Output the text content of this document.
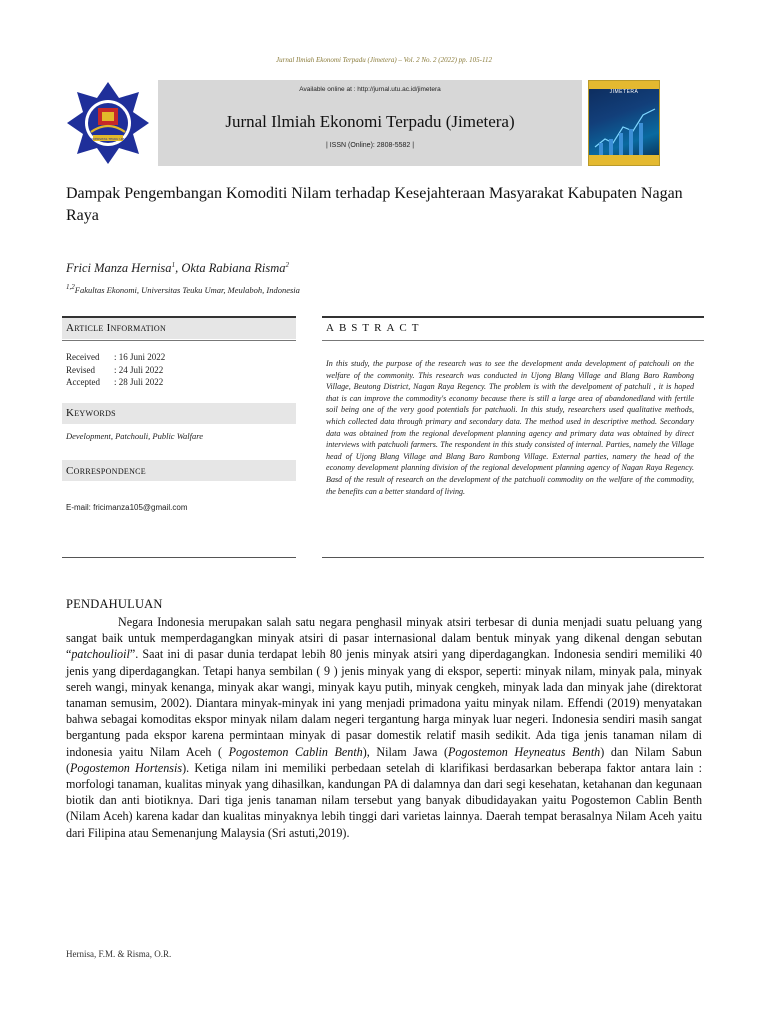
Jurnal Ilmiah Ekonomi Terpadu (Jimetera) – Vol. 2 No. 2 (2022) pp. 105-112
UNIVERSITAS TEUKU UMAR
Available online at : http://jurnal.utu.ac.id/jimetera
Jurnal Ilmiah Ekonomi Terpadu (Jimetera)
| ISSN (Online): 2808-5582 |
JIMETERA
Dampak Pengembangan Komoditi Nilam terhadap Kesejahteraan Masyarakat Kabupaten Nagan Raya
Frici Manza Hernisa$^1$, Okta Rabiana Risma$^2$
$^{1,2}$Fakultas Ekonomi, Universitas Teuku Umar, Meulaboh, Indonesia
Article Information	ABSTRACT
Received	: 16 Juni 2022
Revised	: 24 Juli 2022
Accepted	: 28 Juli 2022
Keywords
Development, Patchouli, Public Walfare
Correspondence
E-mail: fricimanza105@gmail.com
In this study, the purpose of the research was to see the development anda development of patchouli on the welfare of the commonity. This research was conducted in Ujong Blang Village and Blang Baro Rambong Village, Beutong District, Nagan Raya Regency. The problem is with the develpoment of patchuli , it is hoped that is can improve the commodity's economy because there is still a large area of abandonedland with fertile soil being one of the very good potentials for patchuoli. In this study, researchers used qualitative methods, which collected data through primary and secondary data. The method used in descriptive method. Secondary data was obtained from the regional development planning agency and primary data was obtained by direct interviews with patchuoli farmers. The respondent in this study consisted of internal. Parties, namely the Village head of Ujong Blang Village and Blang Baro Rambong Village. External parties, namery the head of the economy development planning division of the regional development planning agency of Nagan Raya Regency. Basd of the result of research on the development of the patchuoli commodity on the welfare of the commodity, the benefits can a better standard of living.
PENDAHULUAN
Negara Indonesia merupakan salah satu negara penghasil minyak atsiri terbesar di dunia menjadi suatu peluang yang sangat baik untuk memperdagangkan minyak atsiri di pasar internasional dalam bentuk minyak yang dikenal dengan sebutan “patchoulioil”. Saat ini di pasar dunia terdapat lebih 80 jenis minyak atsiri yang diperdagangkan. Indonesia sendiri memiliki 40 jenis yang diperdagangkan. Tetapi hanya sembilan ( 9 ) jenis minyak yang di ekspor, seperti: minyak nilam, minyak pala, minyak sereh wangi, minyak kenanga, minyak akar wangi, minyak kayu putih, minyak cengkeh, minyak lada dan minyak jahe (direktorat tanaman semusim, 2002). Diantara minyak-minyak ini yang menjadi primadona yaitu minyak nilam. Effendi (2019) menyatakan bahwa sebagai komoditas ekspor minyak nilam dalam negeri tergantung harga minyak luar negeri. Indonesia sendiri masih sangat bergantung pada ekspor karena permintaan minyak di pasar domestik relatif masih sedikit. Ada tiga jenis tanaman nilam di indonesia yaitu Nilam Aceh ( Pogostemon Cablin Benth), Nilam Jawa (Pogostemon Heyneatus Benth) dan Nilam Sabun (Pogostemon Hortensis). Ketiga nilam ini memiliki perbedaan setelah di klarifikasi berdasarkan beberapa faktor antara lain : morfologi tanaman, kualitas minyak yang dihasilkan, kandungan PA di dalamnya dan dari segi kesehatan, ketahanan dan kegunaan biotik dan anti biotiknya. Dari tiga jenis tanaman nilam tersebut yang banyak dibudidayakan yaitu Pogostemon Cablin Benth (Nilam Aceh) karena kadar dan kualitas minyaknya lebih tinggi dari varietas lainnya. Daerah tempat berasalnya Nilam Aceh yaitu dari Filipina atau Semenanjung Malaysia (Sri astuti,2019).
Hernisa, F.M. & Risma, O.R.
